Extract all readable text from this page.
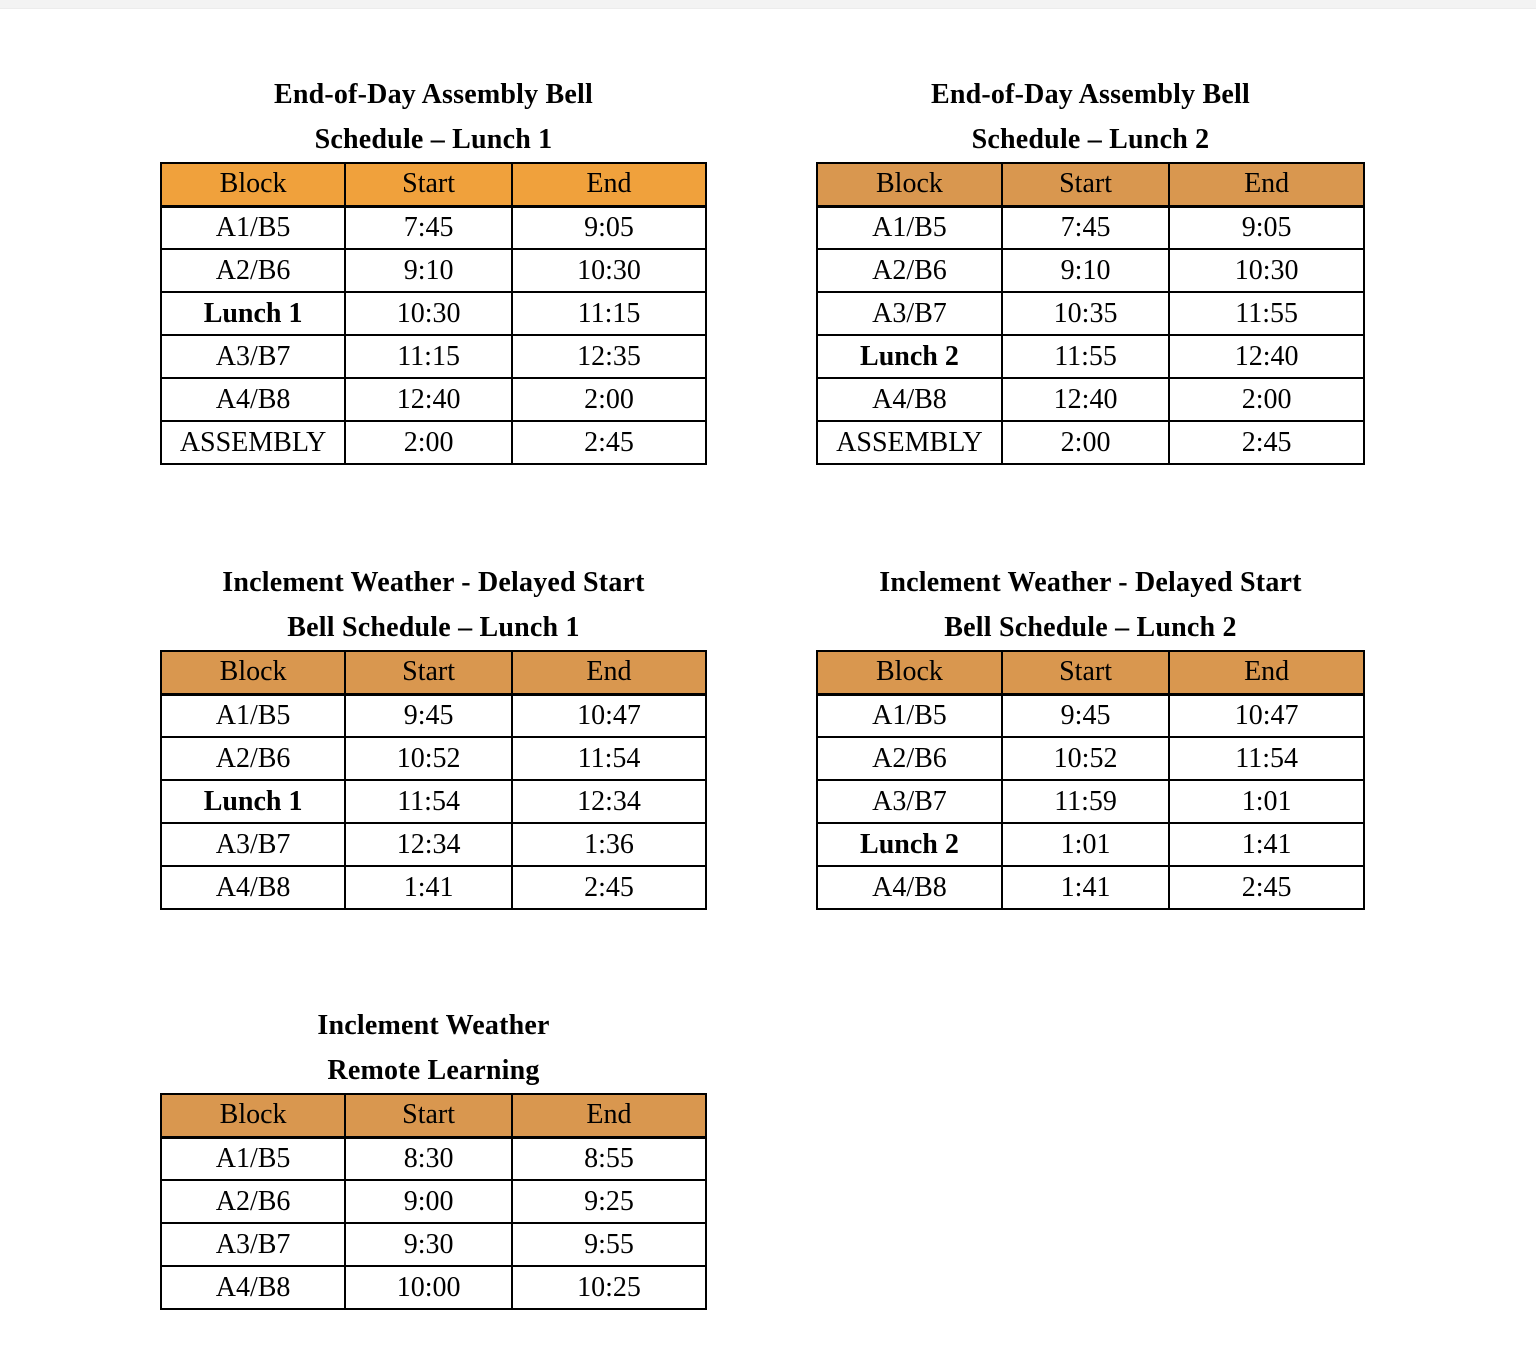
End-of-Day Assembly Bell
Schedule – Lunch 1
Block	Start	End
A1/B5	7:45	9:05
A2/B6	9:10	10:30
Lunch 1	10:30	11:15
A3/B7	11:15	12:35
A4/B8	12:40	2:00
ASSEMBLY	2:00	2:45
End-of-Day Assembly Bell
Schedule – Lunch 2
Block	Start	End
A1/B5	7:45	9:05
A2/B6	9:10	10:30
A3/B7	10:35	11:55
Lunch 2	11:55	12:40
A4/B8	12:40	2:00
ASSEMBLY	2:00	2:45
Inclement Weather - Delayed Start
Bell Schedule – Lunch 1
Block	Start	End
A1/B5	9:45	10:47
A2/B6	10:52	11:54
Lunch 1	11:54	12:34
A3/B7	12:34	1:36
A4/B8	1:41	2:45
Inclement Weather - Delayed Start
Bell Schedule – Lunch 2
Block	Start	End
A1/B5	9:45	10:47
A2/B6	10:52	11:54
A3/B7	11:59	1:01
Lunch 2	1:01	1:41
A4/B8	1:41	2:45
Inclement Weather
Remote Learning
Block	Start	End
A1/B5	8:30	8:55
A2/B6	9:00	9:25
A3/B7	9:30	9:55
A4/B8	10:00	10:25
